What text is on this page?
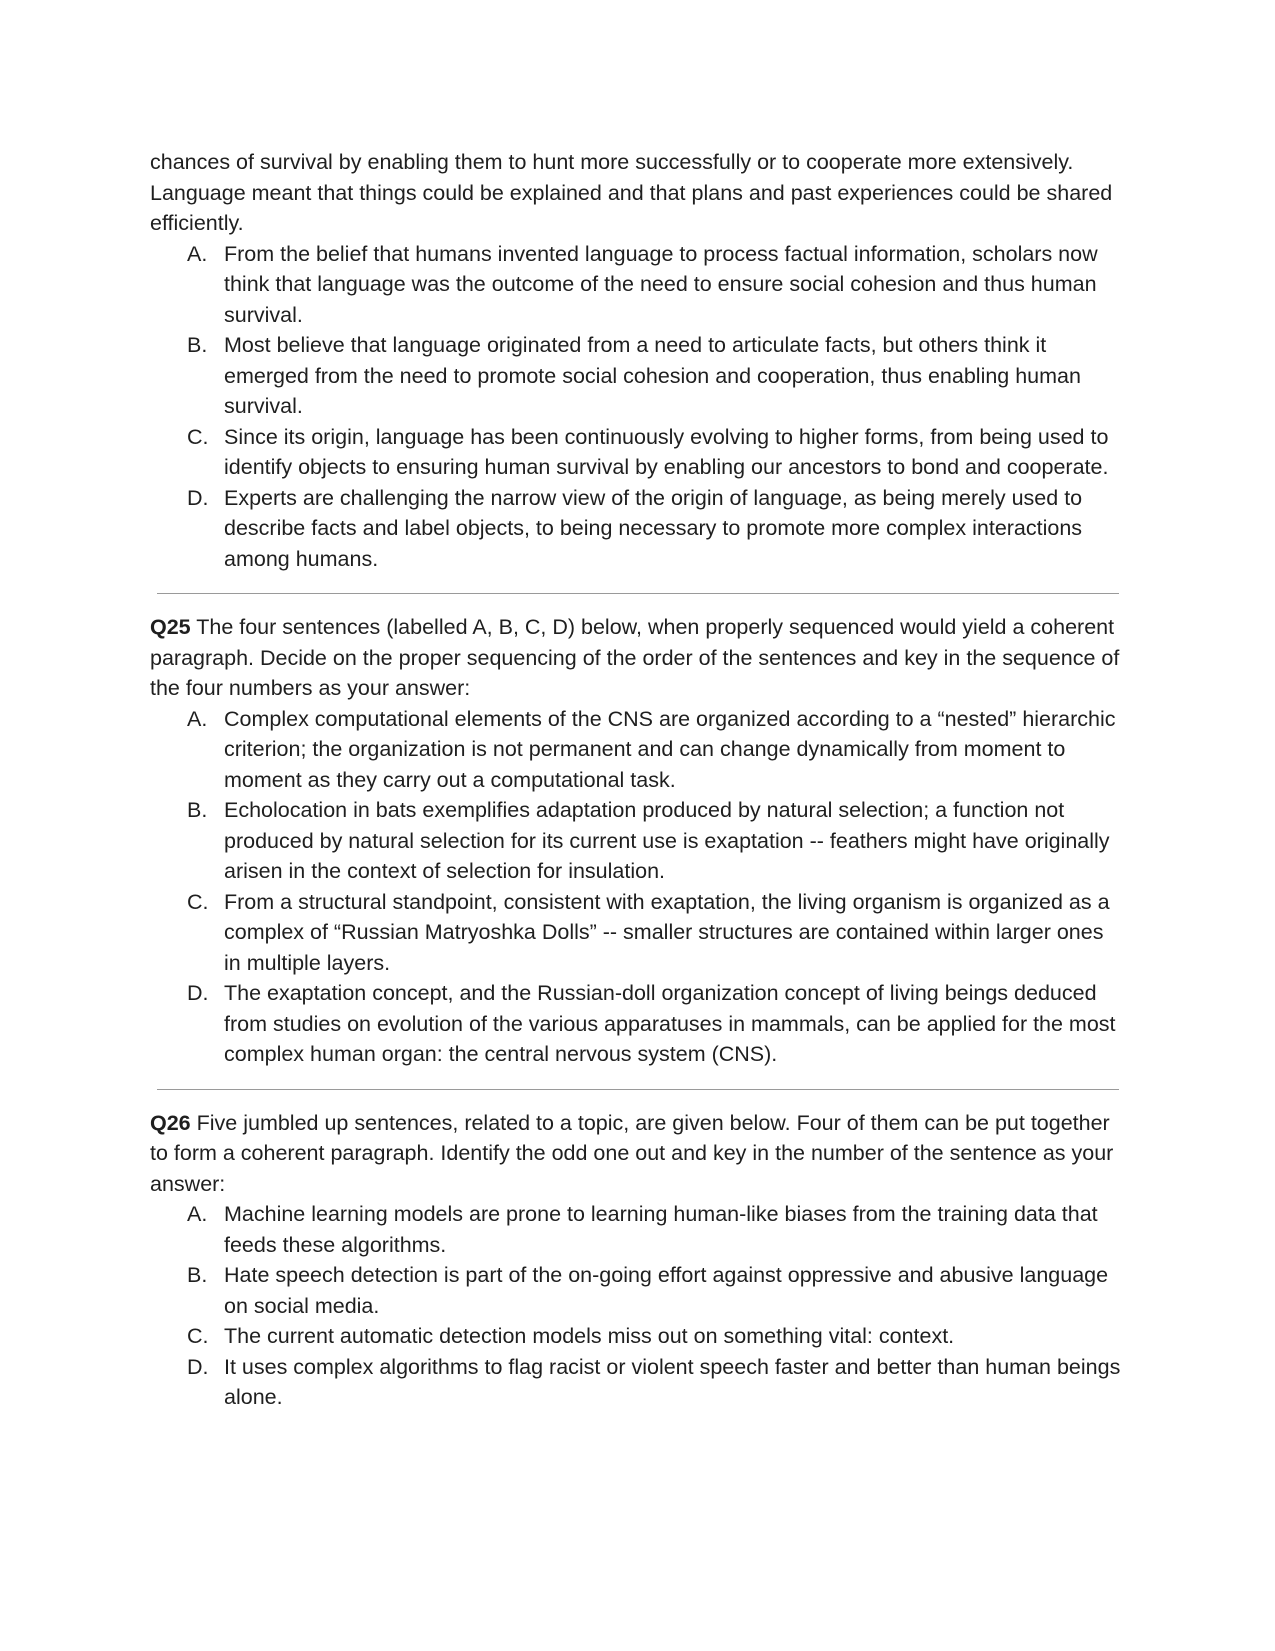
chances of survival by enabling them to hunt more successfully or to cooperate more extensively. Language meant that things could be explained and that plans and past experiences could be shared efficiently.

A. From the belief that humans invented language to process factual information, scholars now think that language was the outcome of the need to ensure social cohesion and thus human survival.
B. Most believe that language originated from a need to articulate facts, but others think it emerged from the need to promote social cohesion and cooperation, thus enabling human survival.
C. Since its origin, language has been continuously evolving to higher forms, from being used to identify objects to ensuring human survival by enabling our ancestors to bond and cooperate.
D. Experts are challenging the narrow view of the origin of language, as being merely used to describe facts and label objects, to being necessary to promote more complex interactions among humans.

Q25 The four sentences (labelled A, B, C, D) below, when properly sequenced would yield a coherent paragraph. Decide on the proper sequencing of the order of the sentences and key in the sequence of the four numbers as your answer:

A. Complex computational elements of the CNS are organized according to a “nested” hierarchic criterion; the organization is not permanent and can change dynamically from moment to moment as they carry out a computational task.
B. Echolocation in bats exemplifies adaptation produced by natural selection; a function not produced by natural selection for its current use is exaptation -- feathers might have originally arisen in the context of selection for insulation.
C. From a structural standpoint, consistent with exaptation, the living organism is organized as a complex of “Russian Matryoshka Dolls” -- smaller structures are contained within larger ones in multiple layers.
D. The exaptation concept, and the Russian-doll organization concept of living beings deduced from studies on evolution of the various apparatuses in mammals, can be applied for the most complex human organ: the central nervous system (CNS).

Q26 Five jumbled up sentences, related to a topic, are given below. Four of them can be put together to form a coherent paragraph. Identify the odd one out and key in the number of the sentence as your answer:

A. Machine learning models are prone to learning human-like biases from the training data that feeds these algorithms.
B. Hate speech detection is part of the on-going effort against oppressive and abusive language on social media.
C. The current automatic detection models miss out on something vital: context.
D. It uses complex algorithms to flag racist or violent speech faster and better than human beings alone.
